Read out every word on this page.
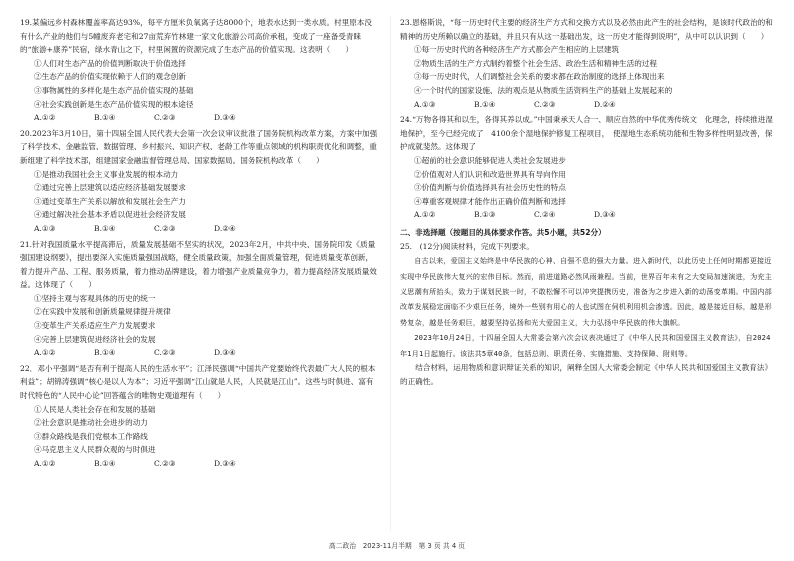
19.某偏远乡村森林覆盖率高达93%，每平方厘米负氧离子达8000个，地表水达到一类水质。村里原本没有什么产业的他们与5幢废弃老宅和27亩荒弃竹林建一家文化旅游公司高价承租，变成了一座备受青睐的“旅游+康养”民宿，绿水青山之下，村里闲置的资源完成了生态产品的价值实现。这表明（　　）

①人们对生态产品的价值判断取决于价值选择

②生态产品的价值实现依赖于人们的观念创新

③事物属性的多样化是生态产品价值实现的基础

④社会实践创新是生态产品价值实现的根本途径

A.①②	B.①④	C.②③	D.③④

20.2023年3月10日，第十四届全国人民代表大会第一次会议审议批准了国务院机构改革方案，方案中加强了科学技术、金融监管、数据管理、乡村振兴、知识产权、老龄工作等重点领域的机构职责优化和调整，重新组建了科学技术部，组建国家金融监督管理总局、国家数据局。国务院机构改革（　　）

①是推动我国社会主义事业发展的根本动力

②通过完善上层建筑以适应经济基础发展要求

③通过变革生产关系以解放和发展社会生产力

④通过解决社会基本矛盾以促进社会经济发展

A.①③	B.①④	C.②③	D.②④

21.针对我国质量水平提高滞后，质量发展基础不坚实的状况，2023年2月，中共中央、国务院印发《质量强国建设纲要》，提出要深入实施质量强国战略，健全质量政策，加强全面质量管理，促进质量变革创新，着力提升产品、工程、服务质量，着力推动品牌建设，着力增强产业质量竞争力，着力提高经济发展质量效益。这体现了（　　）

①坚持主观与客观具体的历史的统一

②在实践中发展和创新质量规律提升规律

③变革生产关系适应生产力发展要求

④完善上层建筑促进经济社会的发展

A.①②	B.①④	C.②③	D.③④

22．邓小平强调“是否有利于提高人民的生活水平”；江泽民强调“中国共产党要始终代表最广大人民的根本利益”；胡锦涛强调“核心是以人为本”；习近平强调“江山就是人民，人民就是江山”。这些与时俱进、富有时代特色的“人民中心论”回答蕴含的唯物史观道理有（　　）

①人民是人类社会存在和发展的基础

②社会意识是推动社会进步的动力

③群众路线是我们党根本工作路线

④马克思主义人民群众观的与时俱进

A.①②	B.①④	C.②③	D.③④

23.恩格斯说，“每一历史时代主要的经济生产方式和交换方式以及必然由此产生的社会结构，是该时代政治的和精神的历史所赖以确立的基础，并且只有从这一基础出发，这一历史才能得到说明”，从中可以认识到（　　）

①每一历史时代的各种经济生产方式都会产生相应的上层建筑

②物质生活的生产方式制约着整个社会生活、政治生活和精神生活的过程

③每一历史时代，人们调整社会关系的要求都在政治制度的选择上体现出来

④一个时代的国家设施、法的观点是从物质生活资料生产的基础上发展起来的

A.①③	B.①④	C.②③	D.②④

24.“万物各得其和以生，各得其养以成。”中国秉承天人合一、顺应自然的中华优秀传统文　化理念，持续推进湿地保护，至今已经完成了　4100余个湿地保护修复工程项目，　使湿地生态系统功能和生物多样性明显改善，保护成就斐然。这体现了

①超前的社会意识能够促进人类社会发展进步

②价值观对人们认识和改造世界具有导向作用

③价值判断与价值选择具有社会历史性的特点

④尊重客观规律才能作出正确价值判断和选择

A.①②	B.①③	C.②④	D.③④

二、非选择题（按题目的具体要求作答。共5小题，共52分）

25.　(12分)阅读材料，完成下列要求。

自古以来，爱国主义始终是中华民族的心神、自强不息的强大力量。进入新时代，以此历史上任何时期都更接近实现中华民族伟大复兴的宏伟目标。然而，前进道路必然风雨兼程。当前，世界百年未有之大变局加速演进，为充主义思潮有所抬头，致力于谋划民族一时，不敢松懈不可以冲突提携历史，准备为之步进入新的动荡变革期。中国内部改革发展稳定面临不少艰巨任务，境外一些别有用心的人也试图在伺机利用机会渗透。因此，越是接近目标，越是形势复杂，越是任务艰巨，越要坚持弘扬和光大爱国主义，大力弘扬中华民族的伟大旗帜。

2023年10月24日，十四届全国人大常委会第六次会议表决通过了《中华人民共和国爱国主义教育法》，自2024年1月1日起施行。该法共5章40条，包括总则、职责任务、实施措施、支持保障、附则等。

结合材料，运用物质和意识辩证关系的知识，阐释全国人大常委会制定《中华人民共和国爱国主义教育法》的正确性。

高二政治　2023-11月半期　第 3 页 共 4 页
